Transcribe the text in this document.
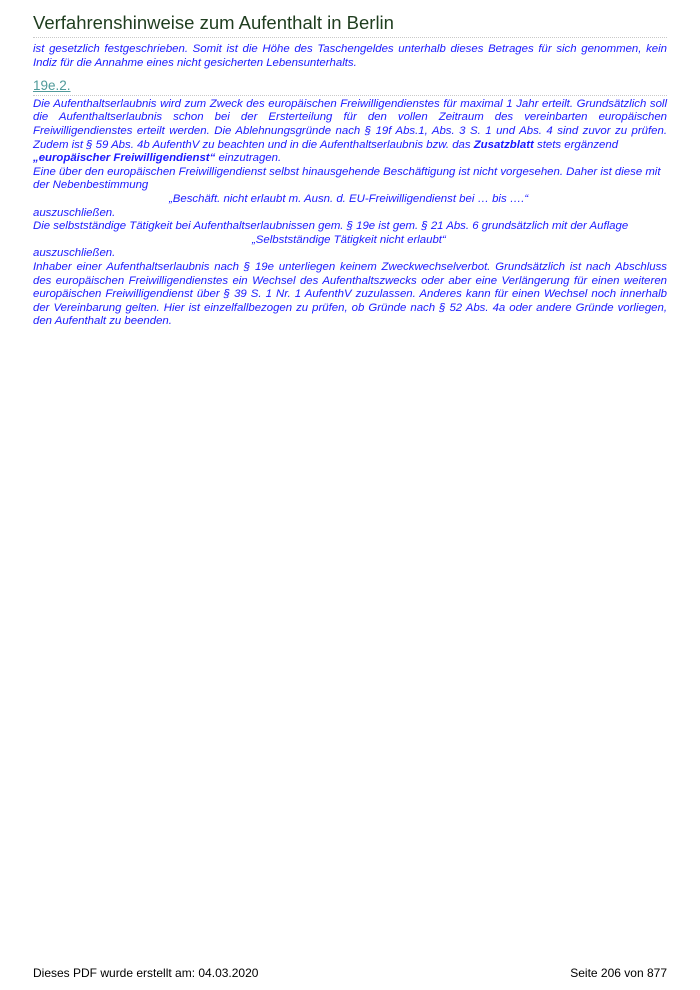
Verfahrenshinweise zum Aufenthalt in Berlin

ist gesetzlich festgeschrieben. Somit ist die Höhe des Taschengeldes unterhalb dieses Betrages für sich genommen, kein Indiz für die Annahme eines nicht gesicherten Lebensunterhalts.

19e.2.

Die Aufenthaltserlaubnis wird zum Zweck des europäischen Freiwilligendienstes für maximal 1 Jahr erteilt. Grundsätzlich soll die Aufenthaltserlaubnis schon bei der Ersterteilung für den vollen Zeitraum des vereinbarten europäischen Freiwilligendienstes erteilt werden. Die Ablehnungsgründe nach § 19f Abs.1, Abs. 3 S. 1 und Abs. 4 sind zuvor zu prüfen. Zudem ist § 59 Abs. 4b AufenthV zu beachten und in die Aufenthaltserlaubnis bzw. das Zusatzblatt stets ergänzend
„europäischer Freiwilligendienst“ einzutragen.

Eine über den europäischen Freiwilligendienst selbst hinausgehende Beschäftigung ist nicht vorgesehen. Daher ist diese mit der Nebenbestimmung

„Beschäft. nicht erlaubt m. Ausn. d. EU-Freiwilligendienst bei … bis ….“

auszuschließen.

Die selbstständige Tätigkeit bei Aufenthaltserlaubnissen gem. § 19e ist gem. § 21 Abs. 6 grundsätzlich mit der Auflage

„Selbstständige Tätigkeit nicht erlaubt“

auszuschließen.

Inhaber einer Aufenthaltserlaubnis nach § 19e unterliegen keinem Zweckwechselverbot. Grundsätzlich ist nach Abschluss des europäischen Freiwilligendienstes ein Wechsel des Aufenthaltszwecks oder aber eine Verlängerung für einen weiteren europäischen Freiwilligendienst über § 39 S. 1 Nr. 1 AufenthV zuzulassen. Anderes kann für einen Wechsel noch innerhalb der Vereinbarung gelten. Hier ist einzelfallbezogen zu prüfen, ob Gründe nach § 52 Abs. 4a oder andere Gründe vorliegen, den Aufenthalt zu beenden.

Dieses PDF wurde erstellt am: 04.03.2020	Seite 206 von 877
